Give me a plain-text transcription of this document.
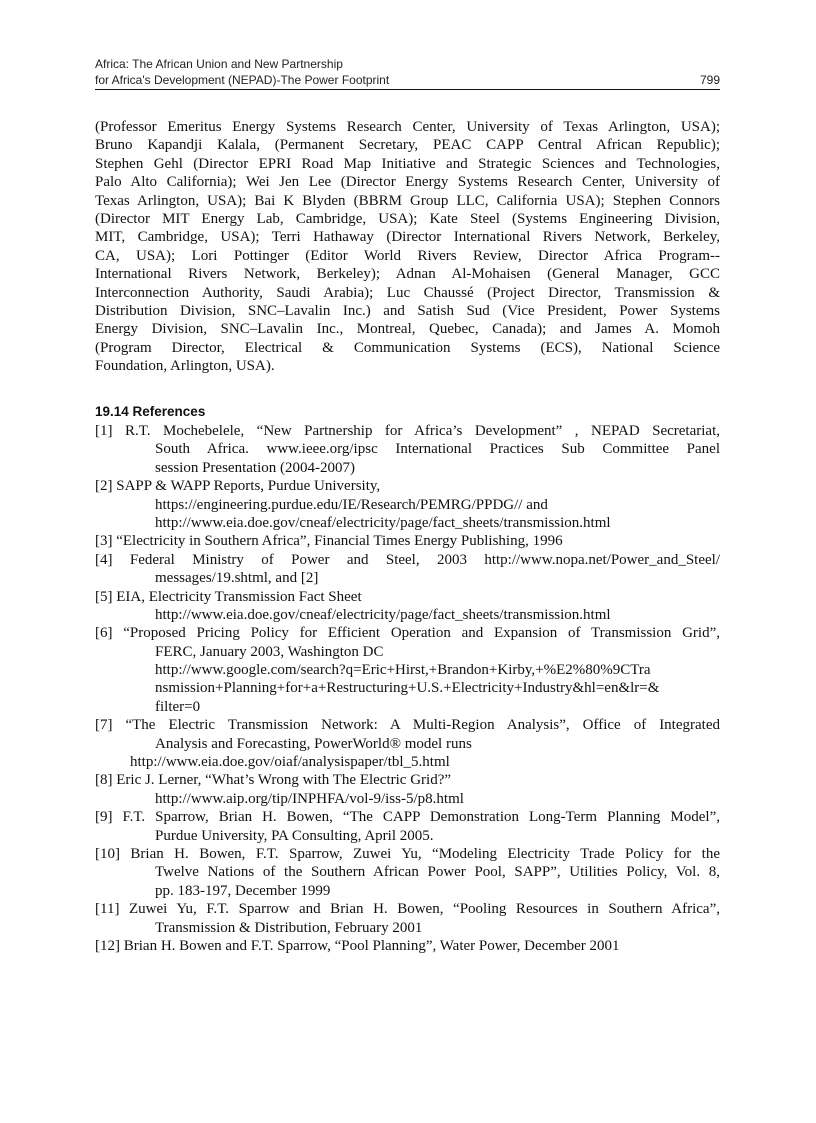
Africa: The African Union and New Partnership
for Africa's Development (NEPAD)-The Power Footprint	799
(Professor Emeritus Energy Systems Research Center, University of Texas Arlington, USA);
Bruno Kapandji Kalala, (Permanent Secretary, PEAC CAPP Central African Republic);
Stephen Gehl (Director EPRI Road Map Initiative and Strategic Sciences and Technologies,
Palo Alto California); Wei Jen Lee (Director Energy Systems Research Center, University of
Texas Arlington, USA); Bai K Blyden (BBRM Group LLC, California USA); Stephen Connors
(Director MIT Energy Lab, Cambridge, USA); Kate Steel (Systems Engineering Division,
MIT, Cambridge, USA); Terri Hathaway (Director International Rivers Network, Berkeley,
CA, USA); Lori Pottinger (Editor World Rivers Review, Director Africa Program--
International Rivers Network, Berkeley); Adnan Al-Mohaisen (General Manager, GCC
Interconnection Authority, Saudi Arabia); Luc Chaussé (Project Director, Transmission &
Distribution Division, SNC–Lavalin Inc.) and Satish Sud (Vice President, Power Systems
Energy Division, SNC–Lavalin Inc., Montreal, Quebec, Canada); and James A. Momoh
(Program Director, Electrical & Communication Systems (ECS), National Science
Foundation, Arlington, USA).
19.14 References
[1] R.T. Mochebelele, “New Partnership for Africa’s Development” , NEPAD Secretariat,
South Africa. www.ieee.org/ipsc International Practices Sub Committee Panel
session Presentation (2004-2007)
[2] SAPP & WAPP Reports, Purdue University,
https://engineering.purdue.edu/IE/Research/PEMRG/PPDG// and
http://www.eia.doe.gov/cneaf/electricity/page/fact_sheets/transmission.html
[3] “Electricity in Southern Africa”, Financial Times Energy Publishing, 1996
[4] Federal Ministry of Power and Steel, 2003 http://www.nopa.net/Power_and_Steel/
messages/19.shtml, and [2]
[5] EIA, Electricity Transmission Fact Sheet
http://www.eia.doe.gov/cneaf/electricity/page/fact_sheets/transmission.html
[6] “Proposed Pricing Policy for Efficient Operation and Expansion of Transmission Grid”,
FERC, January 2003, Washington DC
http://www.google.com/search?q=Eric+Hirst,+Brandon+Kirby,+%E2%80%9CTra
nsmission+Planning+for+a+Restructuring+U.S.+Electricity+Industry&hl=en&lr=&
filter=0
[7] “The Electric Transmission Network: A Multi-Region Analysis”, Office of Integrated
Analysis and Forecasting, PowerWorld® model runs
http://www.eia.doe.gov/oiaf/analysispaper/tbl_5.html
[8] Eric J. Lerner, “What’s Wrong with The Electric Grid?”
http://www.aip.org/tip/INPHFA/vol-9/iss-5/p8.html
[9] F.T. Sparrow, Brian H. Bowen, “The CAPP Demonstration Long-Term Planning Model”,
Purdue University, PA Consulting, April 2005.
[10] Brian H. Bowen, F.T. Sparrow, Zuwei Yu, “Modeling Electricity Trade Policy for the
Twelve Nations of the Southern African Power Pool, SAPP”, Utilities Policy, Vol. 8,
pp. 183-197, December 1999
[11] Zuwei Yu, F.T. Sparrow and Brian H. Bowen, “Pooling Resources in Southern Africa”,
Transmission & Distribution, February 2001
[12] Brian H. Bowen and F.T. Sparrow, “Pool Planning”, Water Power, December 2001
